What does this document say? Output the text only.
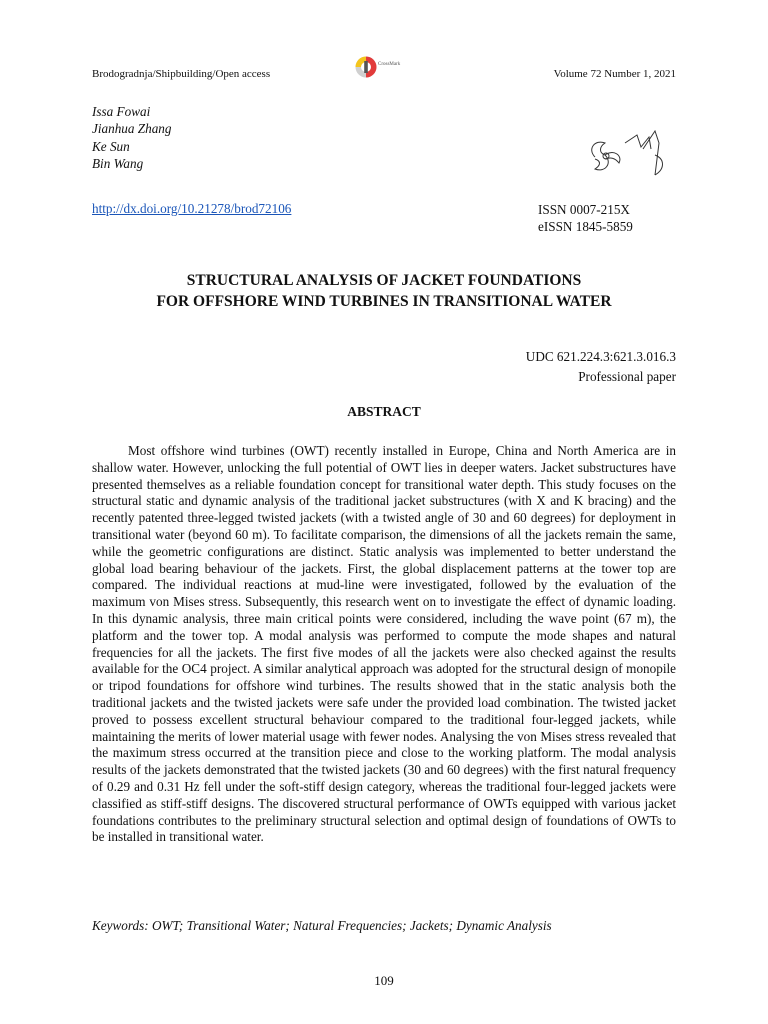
Brodogradnja/Shipbuilding/Open access
CrossMark
Volume 72 Number 1, 2021
Issa Fowai
Jianhua Zhang
Ke Sun
Bin Wang
http://dx.doi.org/10.21278/brod72106	ISSN 0007-215X
eISSN 1845-5859
STRUCTURAL ANALYSIS OF JACKET FOUNDATIONS
FOR OFFSHORE WIND TURBINES IN TRANSITIONAL WATER
UDC 621.224.3:621.3.016.3
Professional paper
ABSTRACT

Most offshore wind turbines (OWT) recently installed in Europe, China and North America are in shallow water. However, unlocking the full potential of OWT lies in deeper waters. Jacket substructures have presented themselves as a reliable foundation concept for transitional water depth. This study focuses on the structural static and dynamic analysis of the traditional jacket substructures (with X and K bracing) and the recently patented three-legged twisted jackets (with a twisted angle of 30 and 60 degrees) for deployment in transitional water (beyond 60 m). To facilitate comparison, the dimensions of all the jackets remain the same, while the geometric configurations are distinct. Static analysis was implemented to better understand the global load bearing behaviour of the jackets. First, the global displacement patterns at the tower top are compared. The individual reactions at mud-line were investigated, followed by the evaluation of the maximum von Mises stress. Subsequently, this research went on to investigate the effect of dynamic loading. In this dynamic analysis, three main critical points were considered, including the wave point (67 m), the platform and the tower top. A modal analysis was performed to compute the mode shapes and natural frequencies for all the jackets. The first five modes of all the jackets were also checked against the results available for the OC4 project. A similar analytical approach was adopted for the structural design of monopile or tripod foundations for offshore wind turbines. The results showed that in the static analysis both the traditional jackets and the twisted jackets were safe under the provided load combination. The twisted jacket proved to possess excellent structural behaviour compared to the traditional four-legged jackets, while maintaining the merits of lower material usage with fewer nodes. Analysing the von Mises stress revealed that the maximum stress occurred at the transition piece and close to the working platform. The modal analysis results of the jackets demonstrated that the twisted jackets (30 and 60 degrees) with the first natural frequency of 0.29 and 0.31 Hz fell under the soft-stiff design category, whereas the traditional four-legged jackets were classified as stiff-stiff designs. The discovered structural performance of OWTs equipped with various jacket foundations contributes to the preliminary structural selection and optimal design of foundations of OWTs to be installed in transitional water.

Keywords: OWT; Transitional Water; Natural Frequencies; Jackets; Dynamic Analysis
109
